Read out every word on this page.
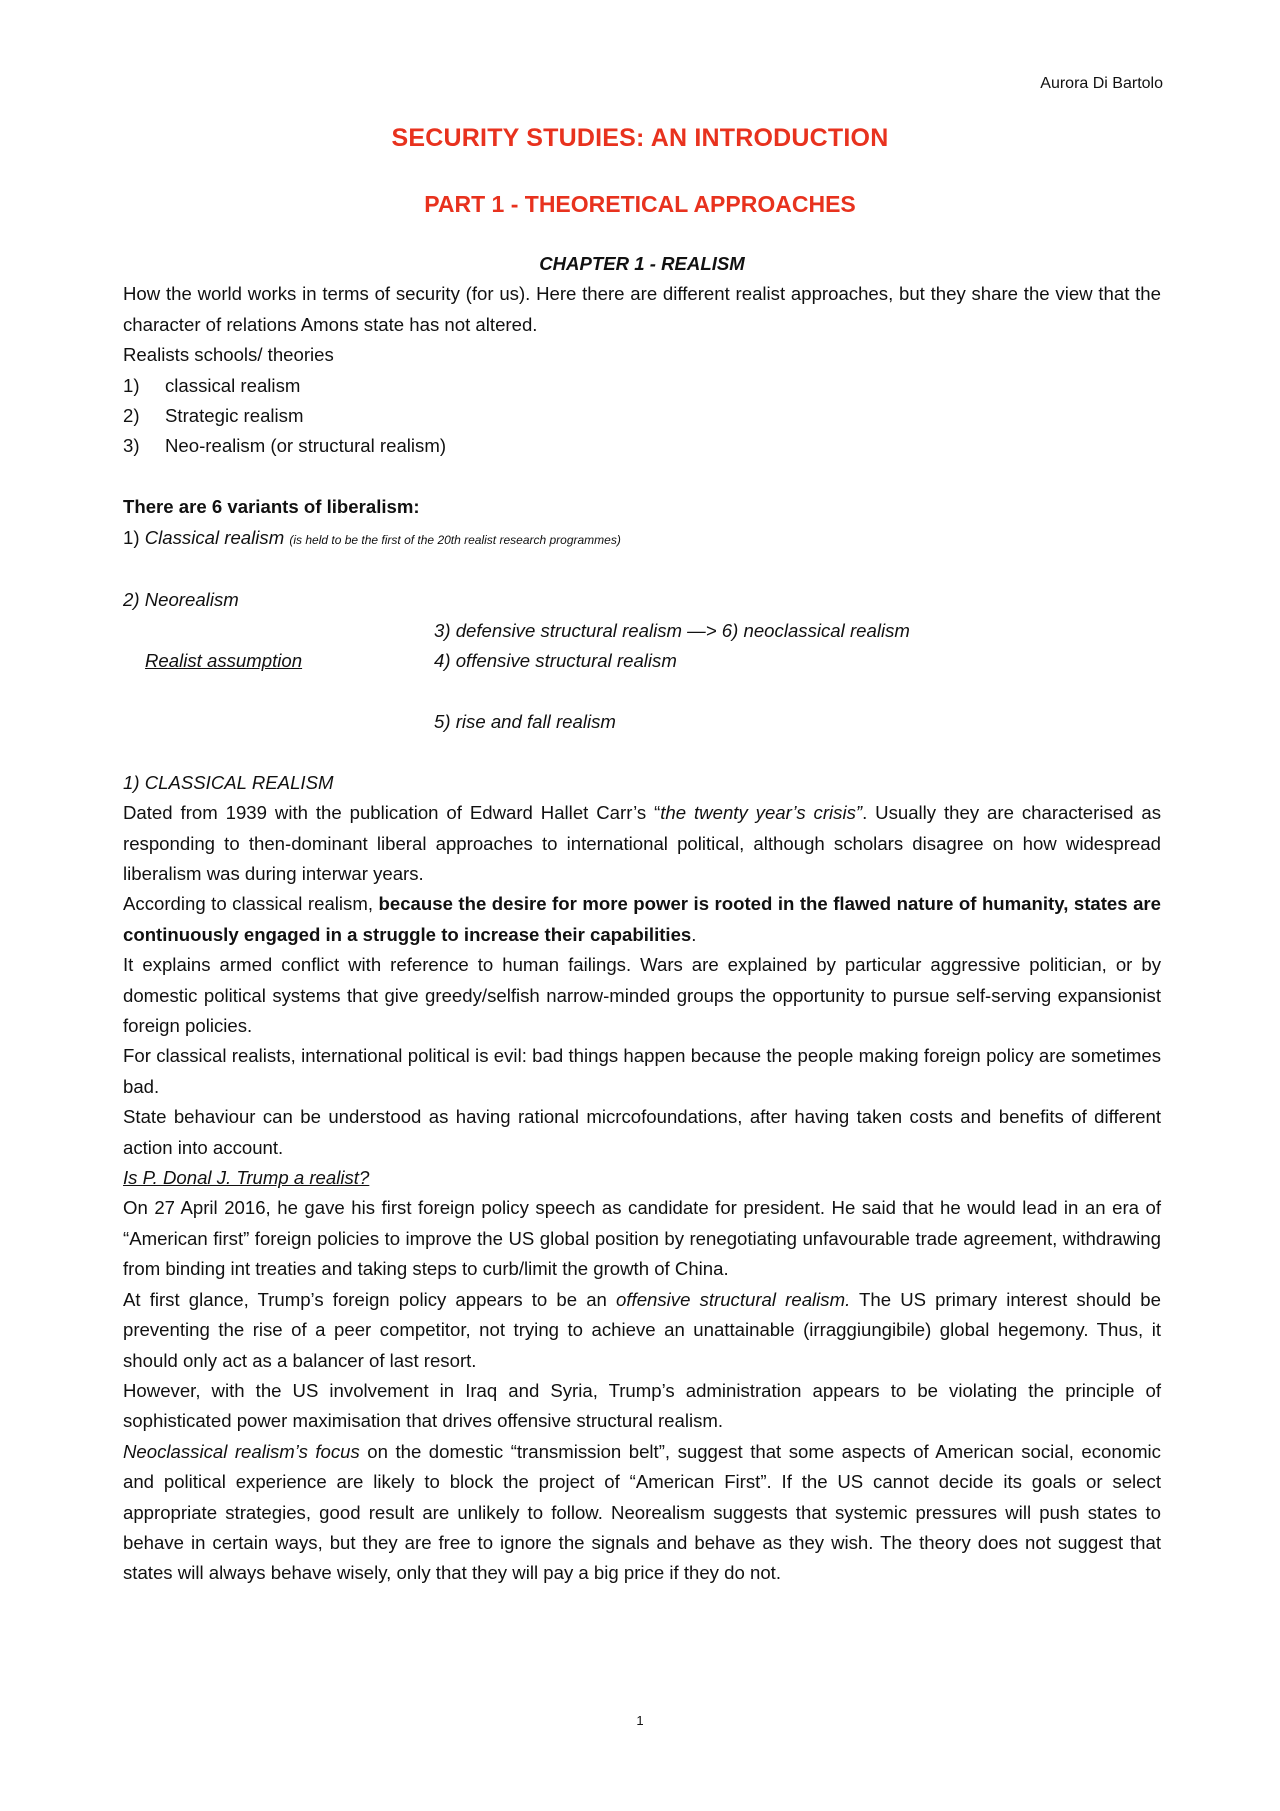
Aurora Di Bartolo
SECURITY STUDIES: AN INTRODUCTION
PART 1 - THEORETICAL APPROACHES

CHAPTER 1 - REALISM

How the world works in terms of security (for us). Here there are different realist approaches, but they share the view that the character of relations Amons state has not altered.

Realists schools/ theories

1)	classical realism
2)	Strategic realism
3)	Neo-realism (or structural realism)

There are 6 variants of liberalism:

1) Classical realism (is held to be the first of the 20th realist research programmes)

2) Neorealism

3) defensive structural realism —> 6) neoclassical realism
Realist assumption	4) offensive structural realism
5) rise and fall realism

1) CLASSICAL REALISM

Dated from 1939 with the publication of Edward Hallet Carr’s “the twenty year’s crisis”. Usually they are characterised as responding to then-dominant liberal approaches to international political, although scholars disagree on how widespread liberalism was during interwar years.

According to classical realism, because the desire for more power is rooted in the flawed nature of humanity, states are continuously engaged in a struggle to increase their capabilities.

It explains armed conflict with reference to human failings. Wars are explained by particular aggressive politician, or by domestic political systems that give greedy/selfish narrow-minded groups the opportunity to pursue self-serving expansionist foreign policies.

For classical realists, international political is evil: bad things happen because the people making foreign policy are sometimes bad.

State behaviour can be understood as having rational micrcofoundations, after having taken costs and benefits of different action into account.

Is P. Donal J. Trump a realist?

On 27 April 2016, he gave his first foreign policy speech as candidate for president. He said that he would lead in an era of “American first” foreign policies to improve the US global position by renegotiating unfavourable trade agreement, withdrawing from binding int treaties and taking steps to curb/limit the growth of China.

At first glance, Trump’s foreign policy appears to be an offensive structural realism. The US primary interest should be preventing the rise of a peer competitor, not trying to achieve an unattainable (irraggiungibile) global hegemony. Thus, it should only act as a balancer of last resort.

However, with the US involvement in Iraq and Syria, Trump’s administration appears to be violating the principle of sophisticated power maximisation that drives offensive structural realism.

Neoclassical realism’s focus on the domestic “transmission belt”, suggest that some aspects of American social, economic and political experience are likely to block the project of “American First”. If the US cannot decide its goals or select appropriate strategies, good result are unlikely to follow. Neorealism suggests that systemic pressures will push states to behave in certain ways, but they are free to ignore the signals and behave as they wish. The theory does not suggest that states will always behave wisely, only that they will pay a big price if they do not.

1
